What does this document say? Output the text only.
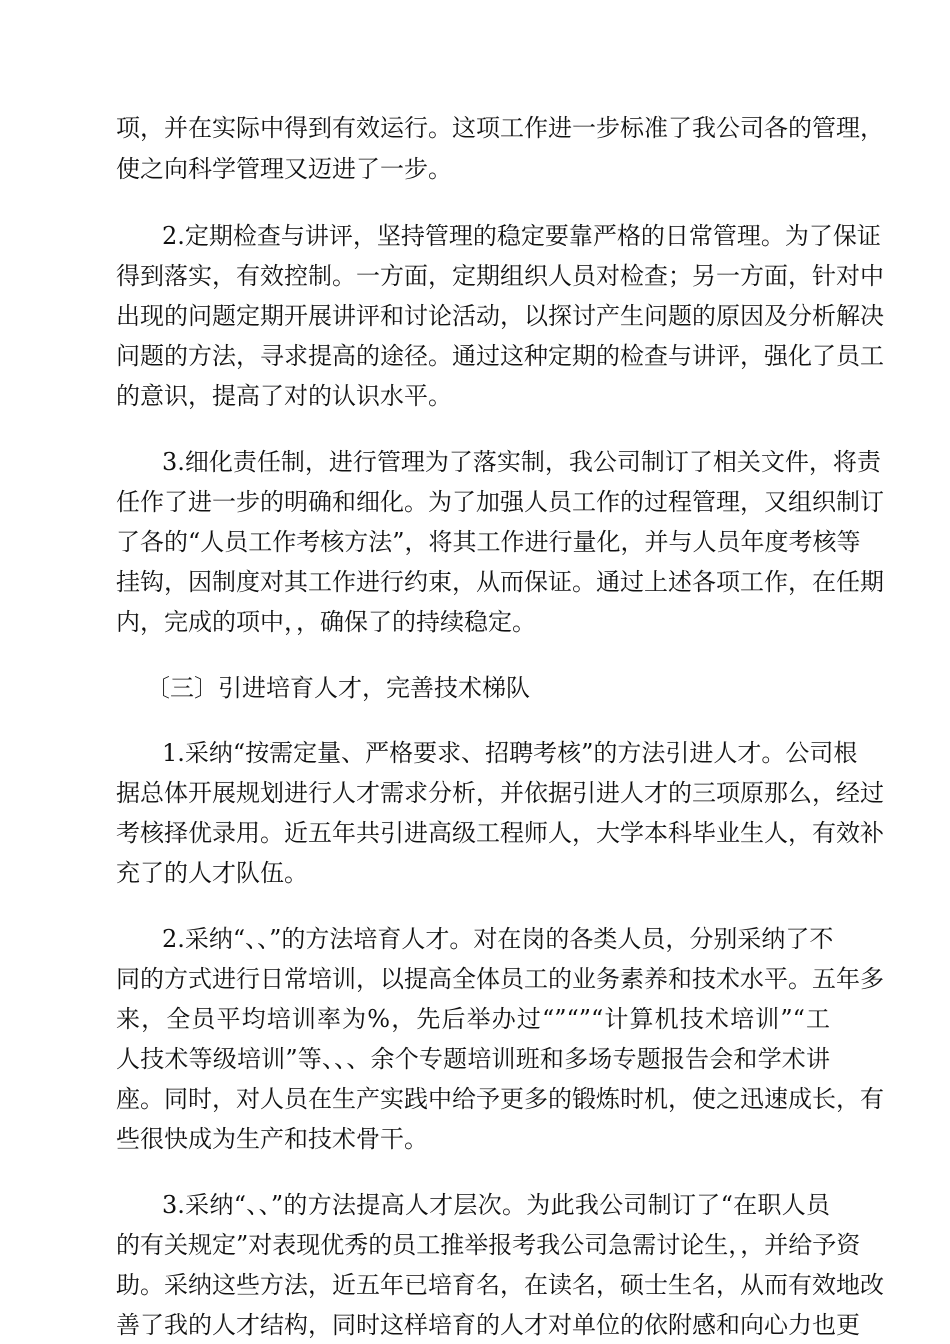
项，并在实际中得到有效运行。这项工作进一步标准了我公司各的管理，
使之向科学管理又迈进了一步。
2.定期检查与讲评，坚持管理的稳定要靠严格的日常管理。为了保证
得到落实，有效控制。一方面，定期组织人员对检查；另一方面，针对中
出现的问题定期开展讲评和讨论活动，以探讨产生问题的原因及分析解决
问题的方法，寻求提高的途径。通过这种定期的检查与讲评，强化了员工
的意识，提高了对的认识水平。
3.细化责任制，进行管理为了落实制，我公司制订了相关文件，将责
任作了进一步的明确和细化。为了加强人员工作的过程管理，又组织制订
了各的“人员工作考核方法”，将其工作进行量化，并与人员年度考核等
挂钩，因制度对其工作进行约束，从而保证。通过上述各项工作，在任期
内，完成的项中，，确保了的持续稳定。
〔三〕引进培育人才，完善技术梯队
1.采纳“按需定量、严格要求、招聘考核”的方法引进人才。公司根
据总体开展规划进行人才需求分析，并依据引进人才的三项原那么，经过
考核择优录用。近五年共引进高级工程师人，大学本科毕业生人，有效补
充了的人才队伍。
2.采纳“、、”的方法培育人才。对在岗的各类人员，分别采纳了不
同的方式进行日常培训，以提高全体员工的业务素养和技术水平。五年多
来，全员平均培训率为%，先后举办过“”“”“计算机技术培训”“工
人技术等级培训”等、、、余个专题培训班和多场专题报告会和学术讲
座。同时，对人员在生产实践中给予更多的锻炼时机，使之迅速成长，有
些很快成为生产和技术骨干。
3.采纳“、、”的方法提高人才层次。为此我公司制订了“在职人员
的有关规定”对表现优秀的员工推举报考我公司急需讨论生，，并给予资
助。采纳这些方法，近五年已培育名，在读名，硕士生名，从而有效地改
善了我的人才结构，同时这样培育的人才对单位的依附感和向心力也更
